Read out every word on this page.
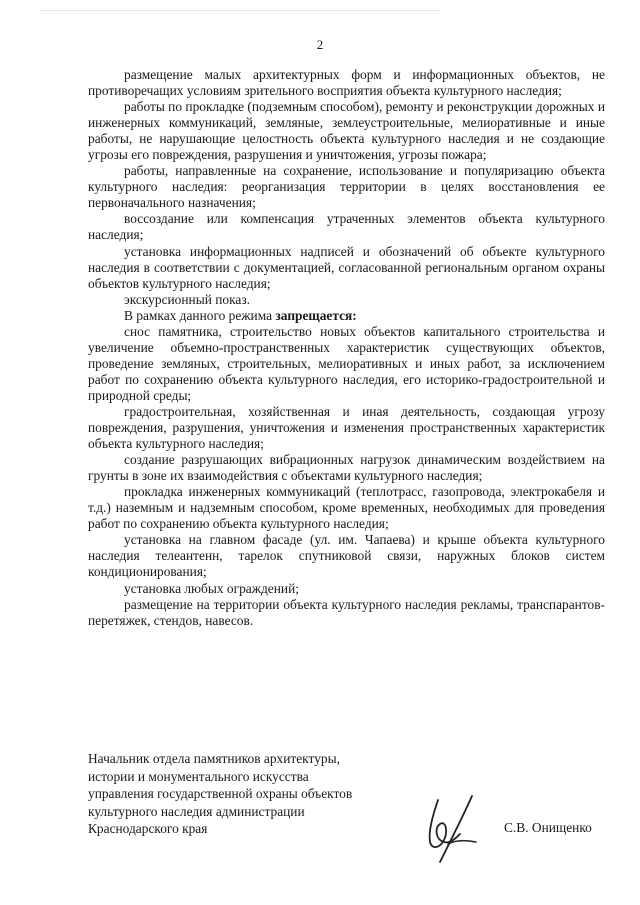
2

размещение малых архитектурных форм и информационных объектов, не противоречащих условиям зрительного восприятия объекта культурного наследия;

работы по прокладке (подземным способом), ремонту и реконструкции дорожных и инженерных коммуникаций, земляные, землеустроительные, мелиоративные и иные работы, не нарушающие целостность объекта культурного наследия и не создающие угрозы его повреждения, разрушения и уничтожения, угрозы пожара;

работы, направленные на сохранение, использование и популяризацию объекта культурного наследия: реорганизация территории в целях восстановления ее первоначального назначения;

воссоздание или компенсация утраченных элементов объекта культурного наследия;

установка информационных надписей и обозначений об объекте культурного наследия в соответствии с документацией, согласованной региональным органом охраны объектов культурного наследия;

экскурсионный показ.

В рамках данного режима запрещается:

снос памятника, строительство новых объектов капитального строительства и увеличение объемно-пространственных характеристик существующих объектов, проведение земляных, строительных, мелиоративных и иных работ, за исключением работ по сохранению объекта культурного наследия, его историко-градостроительной и природной среды;

градостроительная, хозяйственная и иная деятельность, создающая угрозу повреждения, разрушения, уничтожения и изменения пространственных характеристик объекта культурного наследия;

создание разрушающих вибрационных нагрузок динамическим воздействием на грунты в зоне их взаимодействия с объектами культурного наследия;

прокладка инженерных коммуникаций (теплотрасс, газопровода, электрокабеля и т.д.) наземным и надземным способом, кроме временных, необходимых для проведения работ по сохранению объекта культурного наследия;

установка на главном фасаде (ул. им. Чапаева) и крыше объекта культурного наследия телеантенн, тарелок спутниковой связи, наружных блоков систем кондиционирования;

установка любых ограждений;

размещение на территории объекта культурного наследия рекламы, транспарантов-перетяжек, стендов, навесов.

Начальник отдела памятников архитектуры,
истории и монументального искусства
управления государственной охраны объектов
культурного наследия администрации
Краснодарского края	С.В. Онищенко
